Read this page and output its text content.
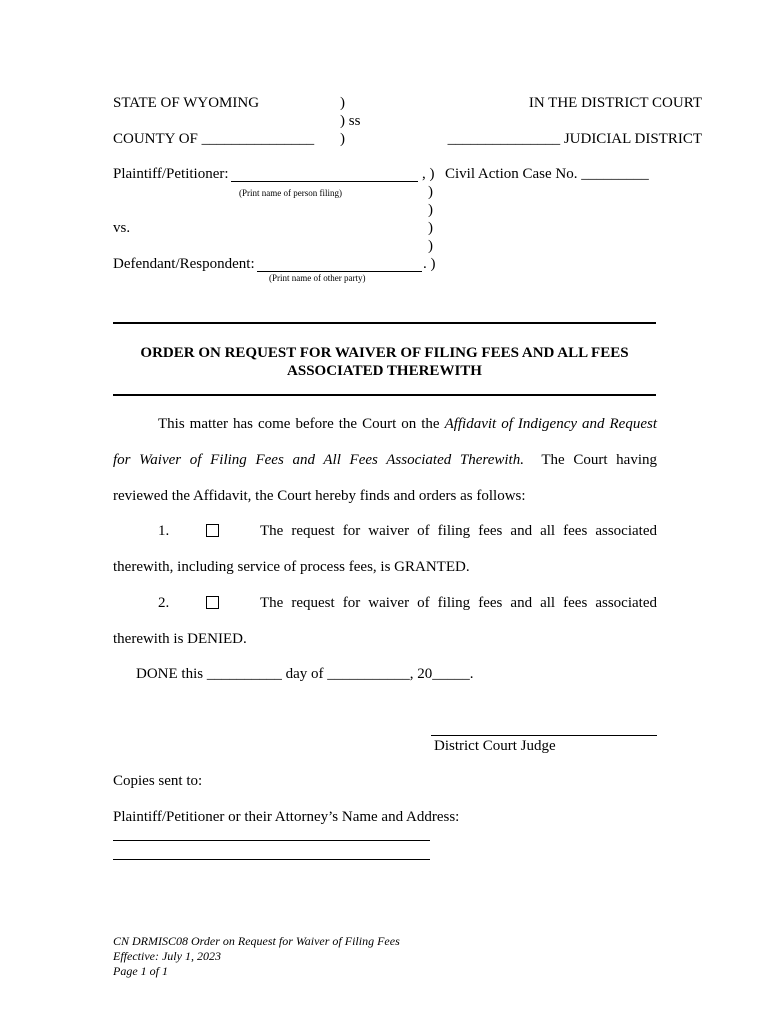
STATE OF WYOMING	)
) ss
)
COUNTY OF _______________
IN THE DISTRICT COURT
_______________ JUDICIAL DISTRICT
Plaintiff/Petitioner:	, )
(Print name of person filing)
Civil Action Case No. _________
)
)
)
)
vs.
Defendant/Respondent:	. )
(Print name of other party)
ORDER ON REQUEST FOR WAIVER OF FILING FEES AND ALL FEES
ASSOCIATED THEREWITH
This matter has come before the Court on the Affidavit of Indigency and Request
for Waiver of Filing Fees and All Fees Associated Therewith. The Court having
reviewed the Affidavit, the Court hereby finds and orders as follows:
1.	The request for waiver of filing fees and all fees associated
therewith, including service of process fees, is GRANTED.
2.	The request for waiver of filing fees and all fees associated
therewith is DENIED.
DONE this __________ day of ___________, 20_____.
District Court Judge
Copies sent to:
Plaintiff/Petitioner or their Attorney’s Name and Address:
CN DRMISC08 Order on Request for Waiver of Filing Fees
Effective: July 1, 2023
Page 1 of 1
